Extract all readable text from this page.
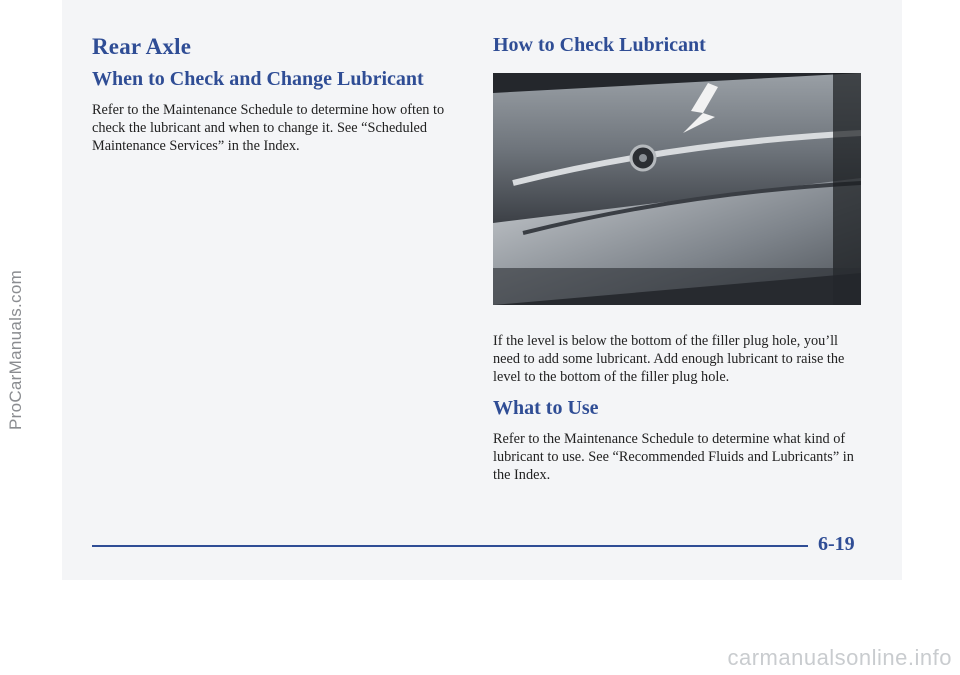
Rear Axle
When to Check and Change Lubricant

Refer to the Maintenance Schedule to determine how often to check the lubricant and when to change it. See “Scheduled Maintenance Services” in the Index.

How to Check Lubricant

If the level is below the bottom of the filler plug hole, you’ll need to add some lubricant. Add enough lubricant to raise the level to the bottom of the filler plug hole.

What to Use

Refer to the Maintenance Schedule to determine what kind of lubricant to use. See “Recommended Fluids and Lubricants” in the Index.

6-19
ProCarManuals.com
carmanualsonline.info
